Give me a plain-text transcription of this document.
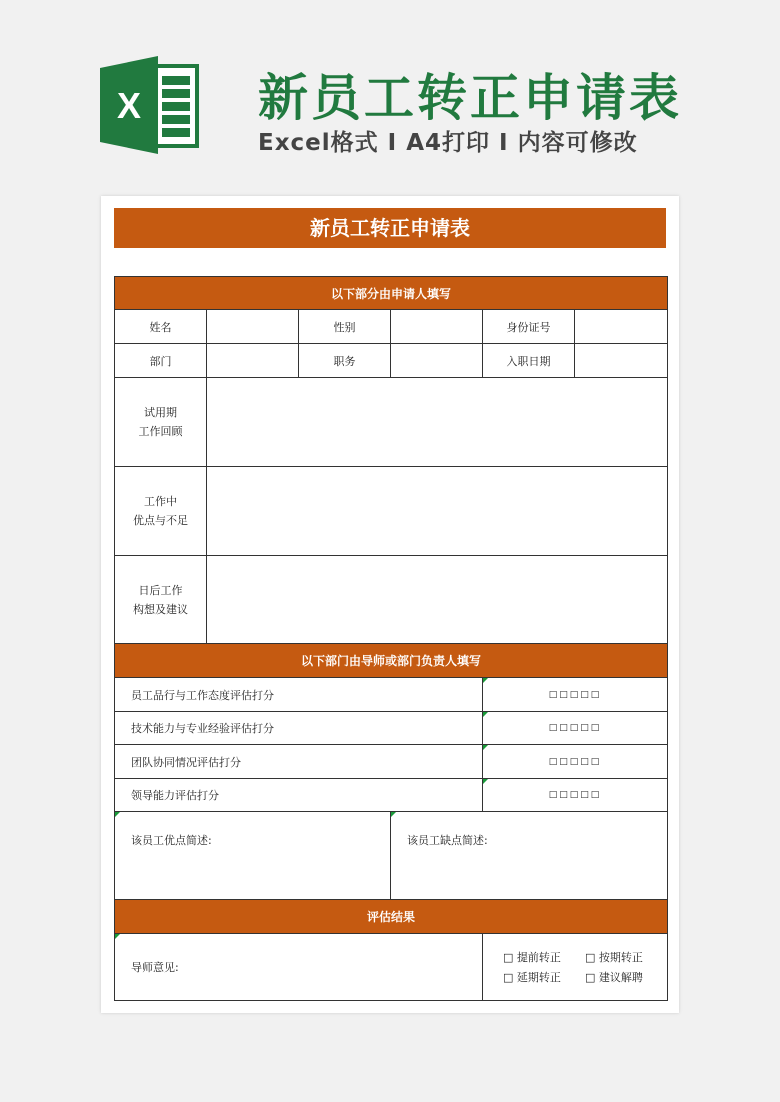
X 新员工转正申请表
Excel格式 I A4打印 I 内容可修改
新员工转正申请表
以下部分由申请人填写					
姓名		性别		身份证号	
部门		职务		入职日期	
试用期
工作回顾					
工作中
优点与不足					
日后工作
构想及建议					
以下部门由导师或部门负责人填写					
员工品行与工作态度评估打分				□□□□□	
技术能力与专业经验评估打分				□□□□□	
团队协同情况评估打分				□□□□□	
领导能力评估打分				□□□□□	
该员工优点简述:			该员工缺点简述:		
评估结果					
导师意见:				□ 提前转正 □ 按期转正
□ 延期转正 □ 建议解聘	
